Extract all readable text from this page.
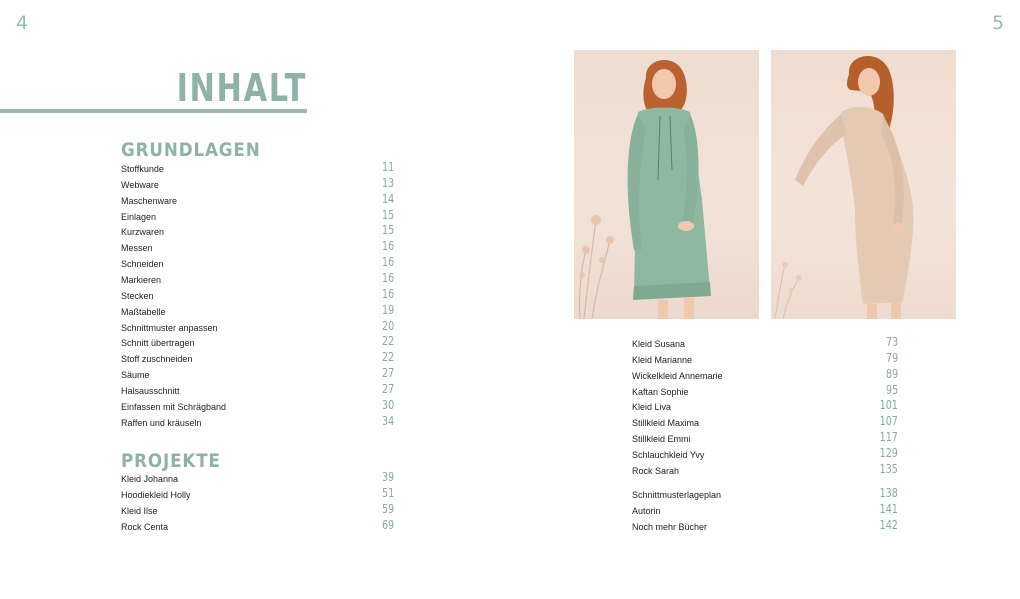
4	5
INHALT
GRUNDLAGEN
Stoffkunde	11
Webware	13
Maschenware	14
Einlagen	15
Kurzwaren	15
Messen	16
Schneiden	16
Markieren	16
Stecken	16
Maßtabelle	19
Schnittmuster anpassen	20
Schnitt übertragen	22
Stoff zuschneiden	22
Säume	27
Halsausschnitt	27
Einfassen mit Schrägband	30
Raffen und kräuseln	34
PROJEKTE
Kleid Johanna	39
Hoodiekleid Holly	51
Kleid Ilse	59
Rock Centa	69
Kleid Susana	73
Kleid Marianne	79
Wickelkleid Annemarie	89
Kaftan Sophie	95
Kleid Liva	101
Stillkleid Maxima	107
Stillkleid Emmi	117
Schlauchkleid Yvy	129
Rock Sarah	135
Schnittmusterlageplan	138
Autorin	141
Noch mehr Bücher	142
